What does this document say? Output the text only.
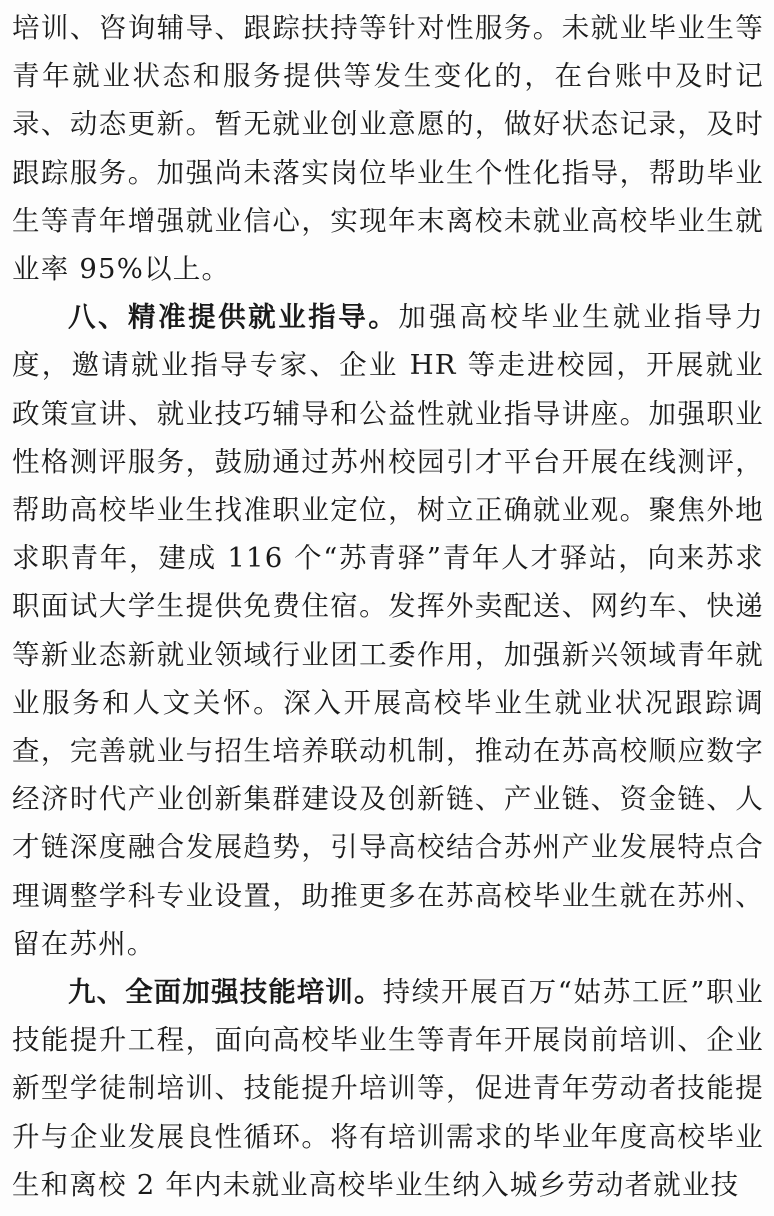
培训、咨询辅导、跟踪扶持等针对性服务。未就业毕业生等青年就业状态和服务提供等发生变化的，在台账中及时记录、动态更新。暂无就业创业意愿的，做好状态记录，及时跟踪服务。加强尚未落实岗位毕业生个性化指导，帮助毕业生等青年增强就业信心，实现年末离校未就业高校毕业生就业率 95%以上。

八、精准提供就业指导。加强高校毕业生就业指导力度，邀请就业指导专家、企业 HR 等走进校园，开展就业政策宣讲、就业技巧辅导和公益性就业指导讲座。加强职业性格测评服务，鼓励通过苏州校园引才平台开展在线测评，帮助高校毕业生找准职业定位，树立正确就业观。聚焦外地求职青年，建成 116 个“苏青驿”青年人才驿站，向来苏求职面试大学生提供免费住宿。发挥外卖配送、网约车、快递等新业态新就业领域行业团工委作用，加强新兴领域青年就业服务和人文关怀。深入开展高校毕业生就业状况跟踪调查，完善就业与招生培养联动机制，推动在苏高校顺应数字经济时代产业创新集群建设及创新链、产业链、资金链、人才链深度融合发展趋势，引导高校结合苏州产业发展特点合理调整学科专业设置，助推更多在苏高校毕业生就在苏州、留在苏州。

九、全面加强技能培训。持续开展百万“姑苏工匠”职业技能提升工程，面向高校毕业生等青年开展岗前培训、企业新型学徒制培训、技能提升培训等，促进青年劳动者技能提升与企业发展良性循环。将有培训需求的毕业年度高校毕业生和离校 2 年内未就业高校毕业生纳入城乡劳动者就业技
